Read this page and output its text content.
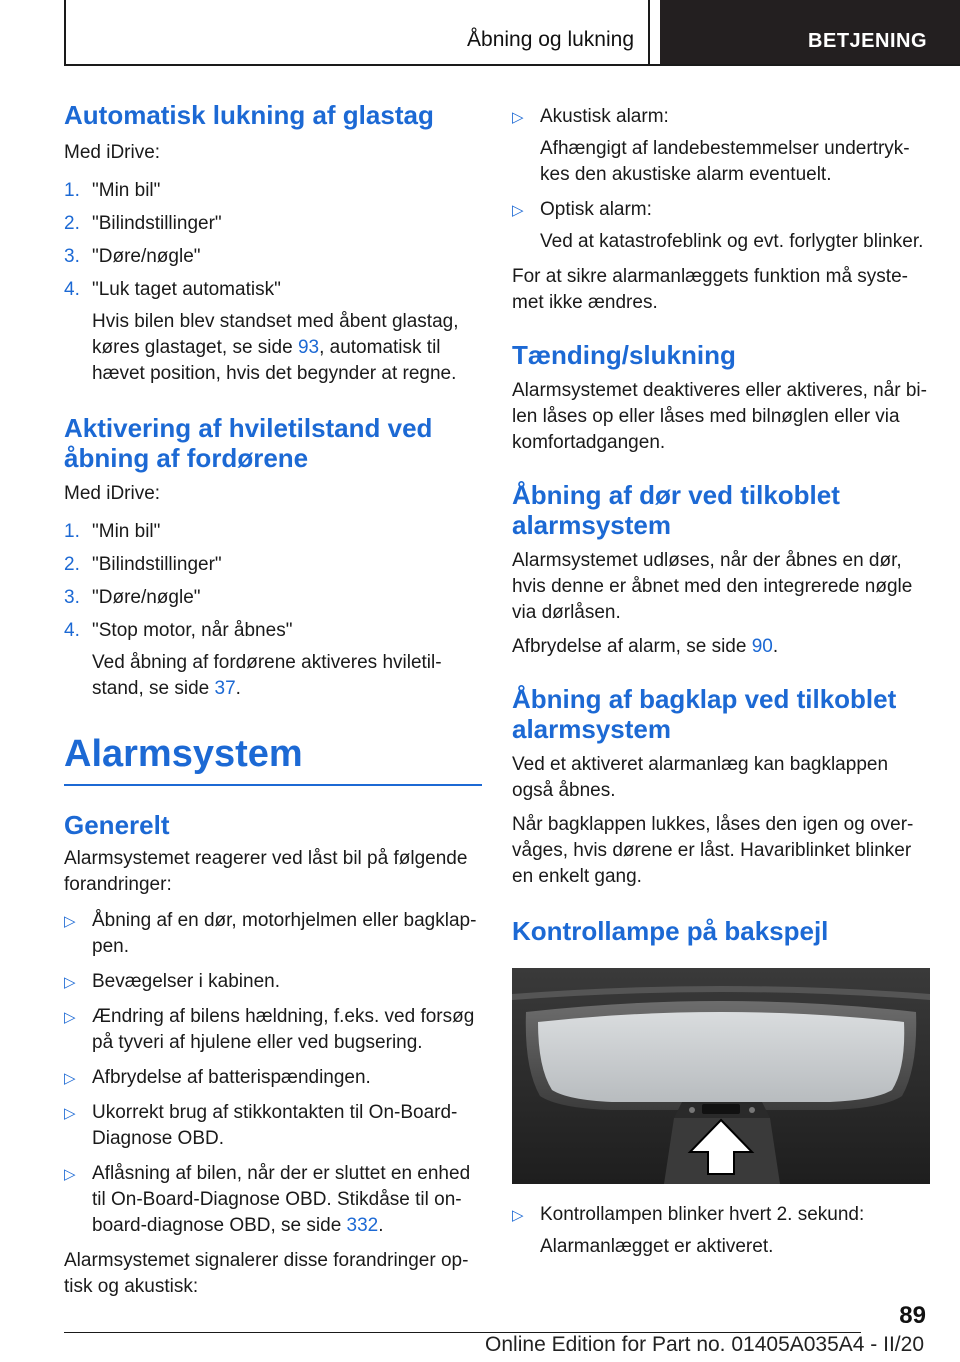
Åbning og lukning	BETJENING
Automatisk lukning af glastag

Med iDrive:

1. "Min bil"
2. "Bilindstillinger"
3. "Døre/nøgle"
4. "Luk taget automatisk"
Hvis bilen blev standset med åbent glastag, køres glastaget, se side 93, automatisk til hævet position, hvis det begynder at regne.
Aktivering af hviletilstand ved
åbning af fordørene

Med iDrive:

1. "Min bil"
2. "Bilindstillinger"
3. "Døre/nøgle"
4. "Stop motor, når åbnes"
Ved åbning af fordørene aktiveres hviletil-stand, se side 37.
Alarmsystem
Generelt

Alarmsystemet reagerer ved låst bil på følgende forandringer:

▷ Åbning af en dør, motorhjelmen eller bagklap-pen.
▷ Bevægelser i kabinen.
▷ Ændring af bilens hældning, f.eks. ved forsøg på tyveri af hjulene eller ved bugsering.
▷ Afbrydelse af batterispændingen.
▷ Ukorrekt brug af stikkontakten til On-Board-Diagnose OBD.
▷ Aflåsning af bilen, når der er sluttet en enhed til On-Board-Diagnose OBD. Stikdåse til on-board-diagnose OBD, se side 332.

Alarmsystemet signalerer disse forandringer op-tisk og akustisk:

▷ Akustisk alarm:
Afhængigt af landebestemmelser undertryk-kes den akustiske alarm eventuelt.
▷ Optisk alarm:
Ved at katastrofeblink og evt. forlygter blinker.

For at sikre alarmanlæggets funktion må syste-met ikke ændres.

Tænding/slukning

Alarmsystemet deaktiveres eller aktiveres, når bi-len låses op eller låses med bilnøglen eller via komfortadgangen.

Åbning af dør ved tilkoblet
alarmsystem

Alarmsystemet udløses, når der åbnes en dør, hvis denne er åbnet med den integrerede nøgle via dørlåsen.

Afbrydelse af alarm, se side 90.

Åbning af bagklap ved tilkoblet
alarmsystem

Ved et aktiveret alarmanlæg kan bagklappen også åbnes.

Når bagklappen lukkes, låses den igen og over-våges, hvis dørene er låst. Havariblinket blinker en enkelt gang.

Kontrollampe på bakspejl
▷ Kontrollampen blinker hvert 2. sekund:
Alarmanlægget er aktiveret.
89
Online Edition for Part no. 01405A035A4 - II/20
